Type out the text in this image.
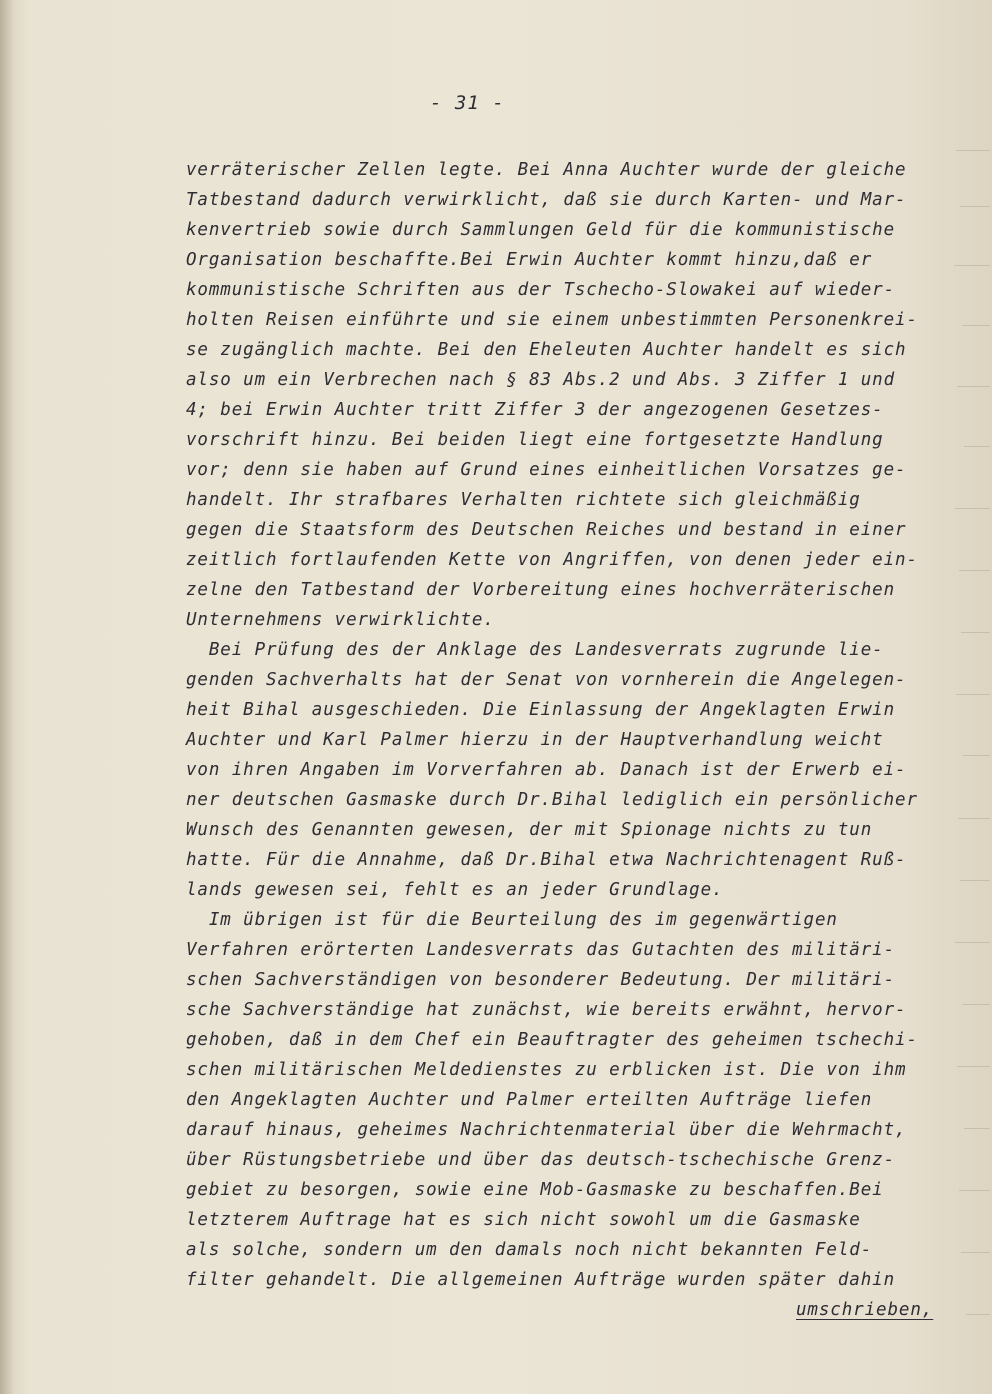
- 31 -
verräterischer Zellen legte. Bei Anna Auchter wurde der gleiche
Tatbestand dadurch verwirklicht, daß sie durch Karten- und Mar-
kenvertrieb sowie durch Sammlungen Geld für die kommunistische
Organisation beschaffte.Bei Erwin Auchter kommt hinzu,daß er
kommunistische Schriften aus der Tschecho-Slowakei auf wieder-
holten Reisen einführte und sie einem unbestimmten Personenkrei-
se zugänglich machte. Bei den Eheleuten Auchter handelt es sich
also um ein Verbrechen nach § 83 Abs.2 und Abs. 3 Ziffer 1 und
4; bei Erwin Auchter tritt Ziffer 3 der angezogenen Gesetzes-
vorschrift hinzu. Bei beiden liegt eine fortgesetzte Handlung
vor; denn sie haben auf Grund eines einheitlichen Vorsatzes ge-
handelt. Ihr strafbares Verhalten richtete sich gleichmäßig
gegen die Staatsform des Deutschen Reiches und bestand in einer
zeitlich fortlaufenden Kette von Angriffen, von denen jeder ein-
zelne den Tatbestand der Vorbereitung eines hochverräterischen
Unternehmens verwirklichte.
Bei Prüfung des der Anklage des Landesverrats zugrunde lie-
genden Sachverhalts hat der Senat von vornherein die Angelegen-
heit Bihal ausgeschieden. Die Einlassung der Angeklagten Erwin
Auchter und Karl Palmer hierzu in der Hauptverhandlung weicht
von ihren Angaben im Vorverfahren ab. Danach ist der Erwerb ei-
ner deutschen Gasmaske durch Dr.Bihal lediglich ein persönlicher
Wunsch des Genannten gewesen, der mit Spionage nichts zu tun
hatte. Für die Annahme, daß Dr.Bihal etwa Nachrichtenagent Ruß-
lands gewesen sei, fehlt es an jeder Grundlage.
Im übrigen ist für die Beurteilung des im gegenwärtigen
Verfahren erörterten Landesverrats das Gutachten des militäri-
schen Sachverständigen von besonderer Bedeutung. Der militäri-
sche Sachverständige hat zunächst, wie bereits erwähnt, hervor-
gehoben, daß in dem Chef ein Beauftragter des geheimen tschechi-
schen militärischen Meldedienstes zu erblicken ist. Die von ihm
den Angeklagten Auchter und Palmer erteilten Aufträge liefen
darauf hinaus, geheimes Nachrichtenmaterial über die Wehrmacht,
über Rüstungsbetriebe und über das deutsch-tschechische Grenz-
gebiet zu besorgen, sowie eine Mob-Gasmaske zu beschaffen.Bei
letzterem Auftrage hat es sich nicht sowohl um die Gasmaske
als solche, sondern um den damals noch nicht bekannten Feld-
filter gehandelt. Die allgemeinen Aufträge wurden später dahin
umschrieben,
